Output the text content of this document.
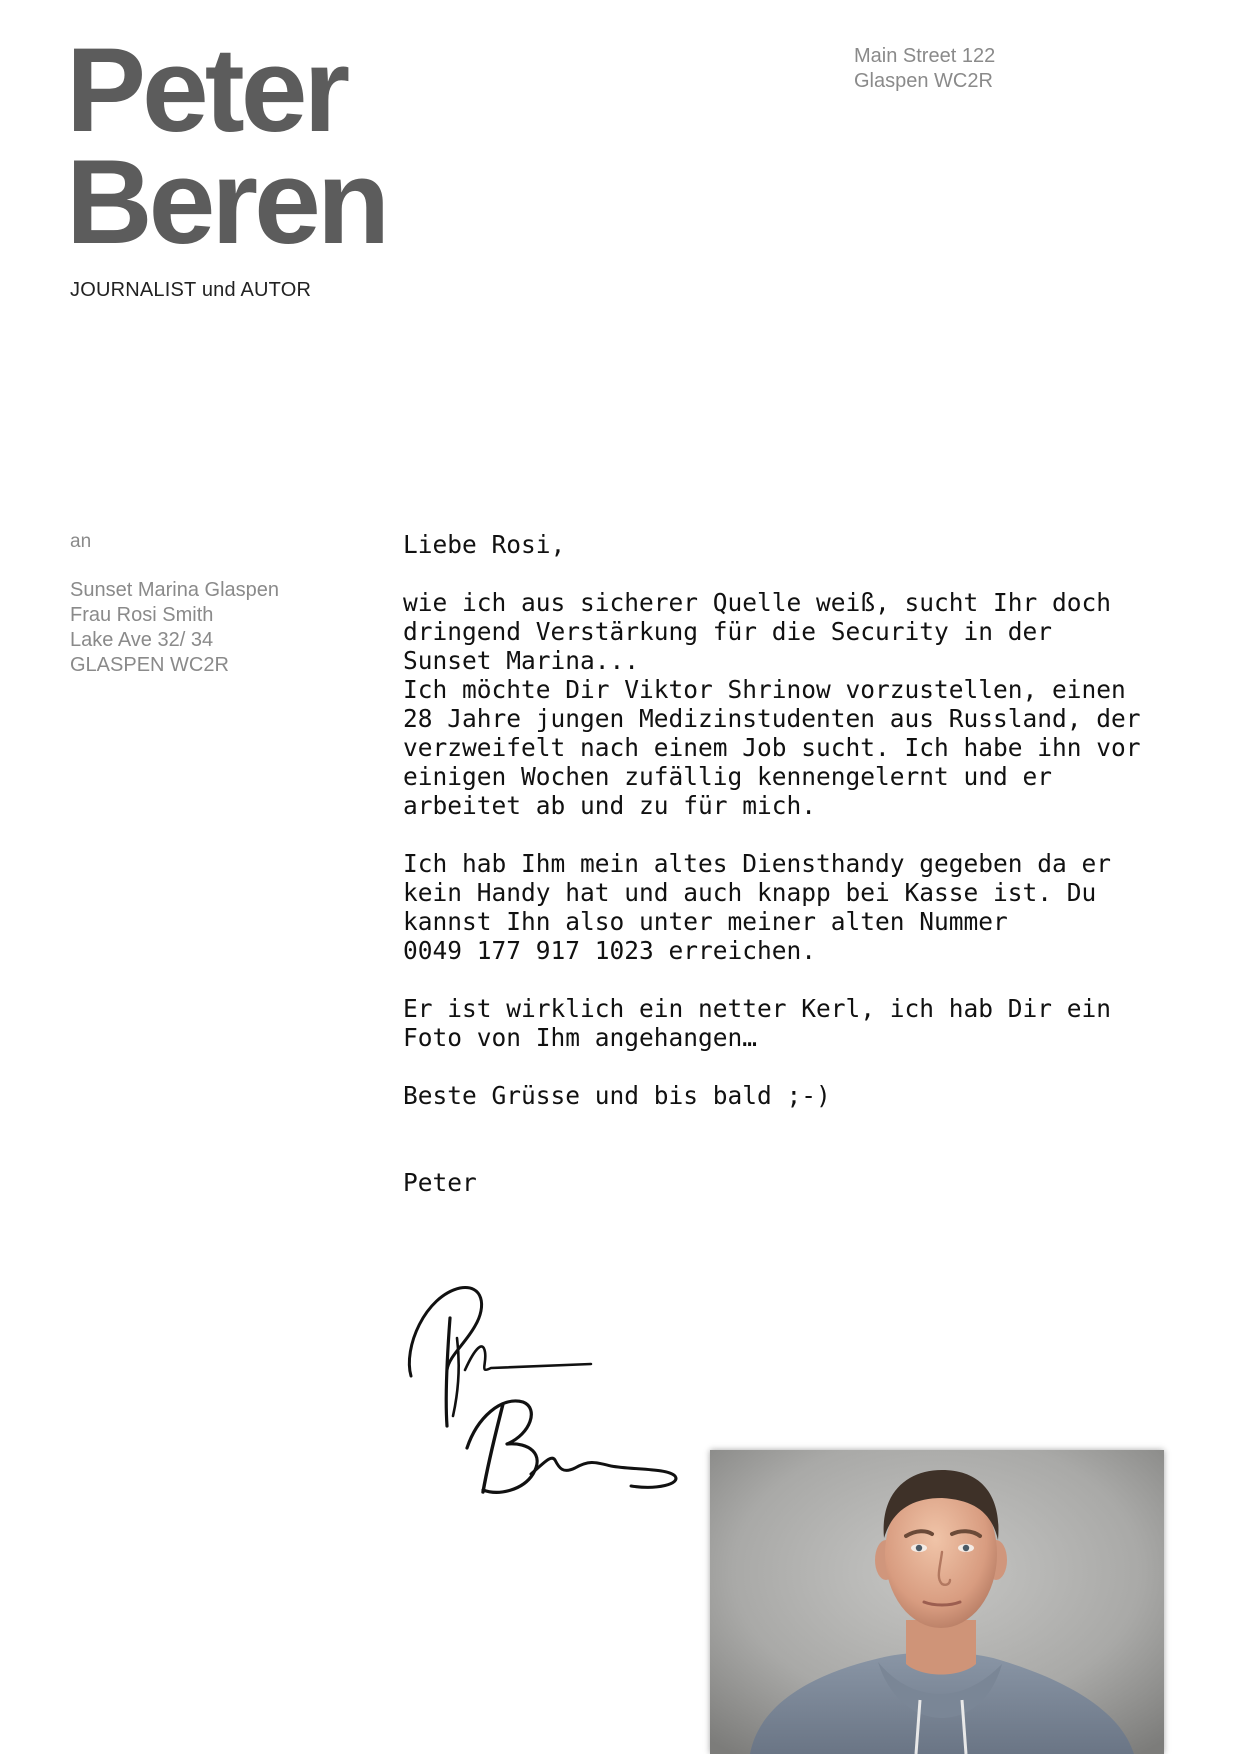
Peter
Beren
JOURNALIST und AUTOR
Main Street 122
Glaspen WC2R
an
Sunset Marina Glaspen
Frau Rosi Smith
Lake Ave 32/ 34
GLASPEN WC2R

Liebe Rosi,

wie ich aus sicherer Quelle weiß, sucht Ihr doch
dringend Verstärkung für die Security in der
Sunset Marina...
Ich möchte Dir Viktor Shrinow vorzustellen, einen
28 Jahre jungen Medizinstudenten aus Russland, der
verzweifelt nach einem Job sucht. Ich habe ihn vor
einigen Wochen zufällig kennengelernt und er
arbeitet ab und zu für mich.

Ich hab Ihm mein altes Diensthandy gegeben da er
kein Handy hat und auch knapp bei Kasse ist. Du
kannst Ihn also unter meiner alten Nummer
0049 177 917 1023 erreichen.

Er ist wirklich ein netter Kerl, ich hab Dir ein
Foto von Ihm angehangen…

Beste Grüsse und bis bald ;-)

Peter
